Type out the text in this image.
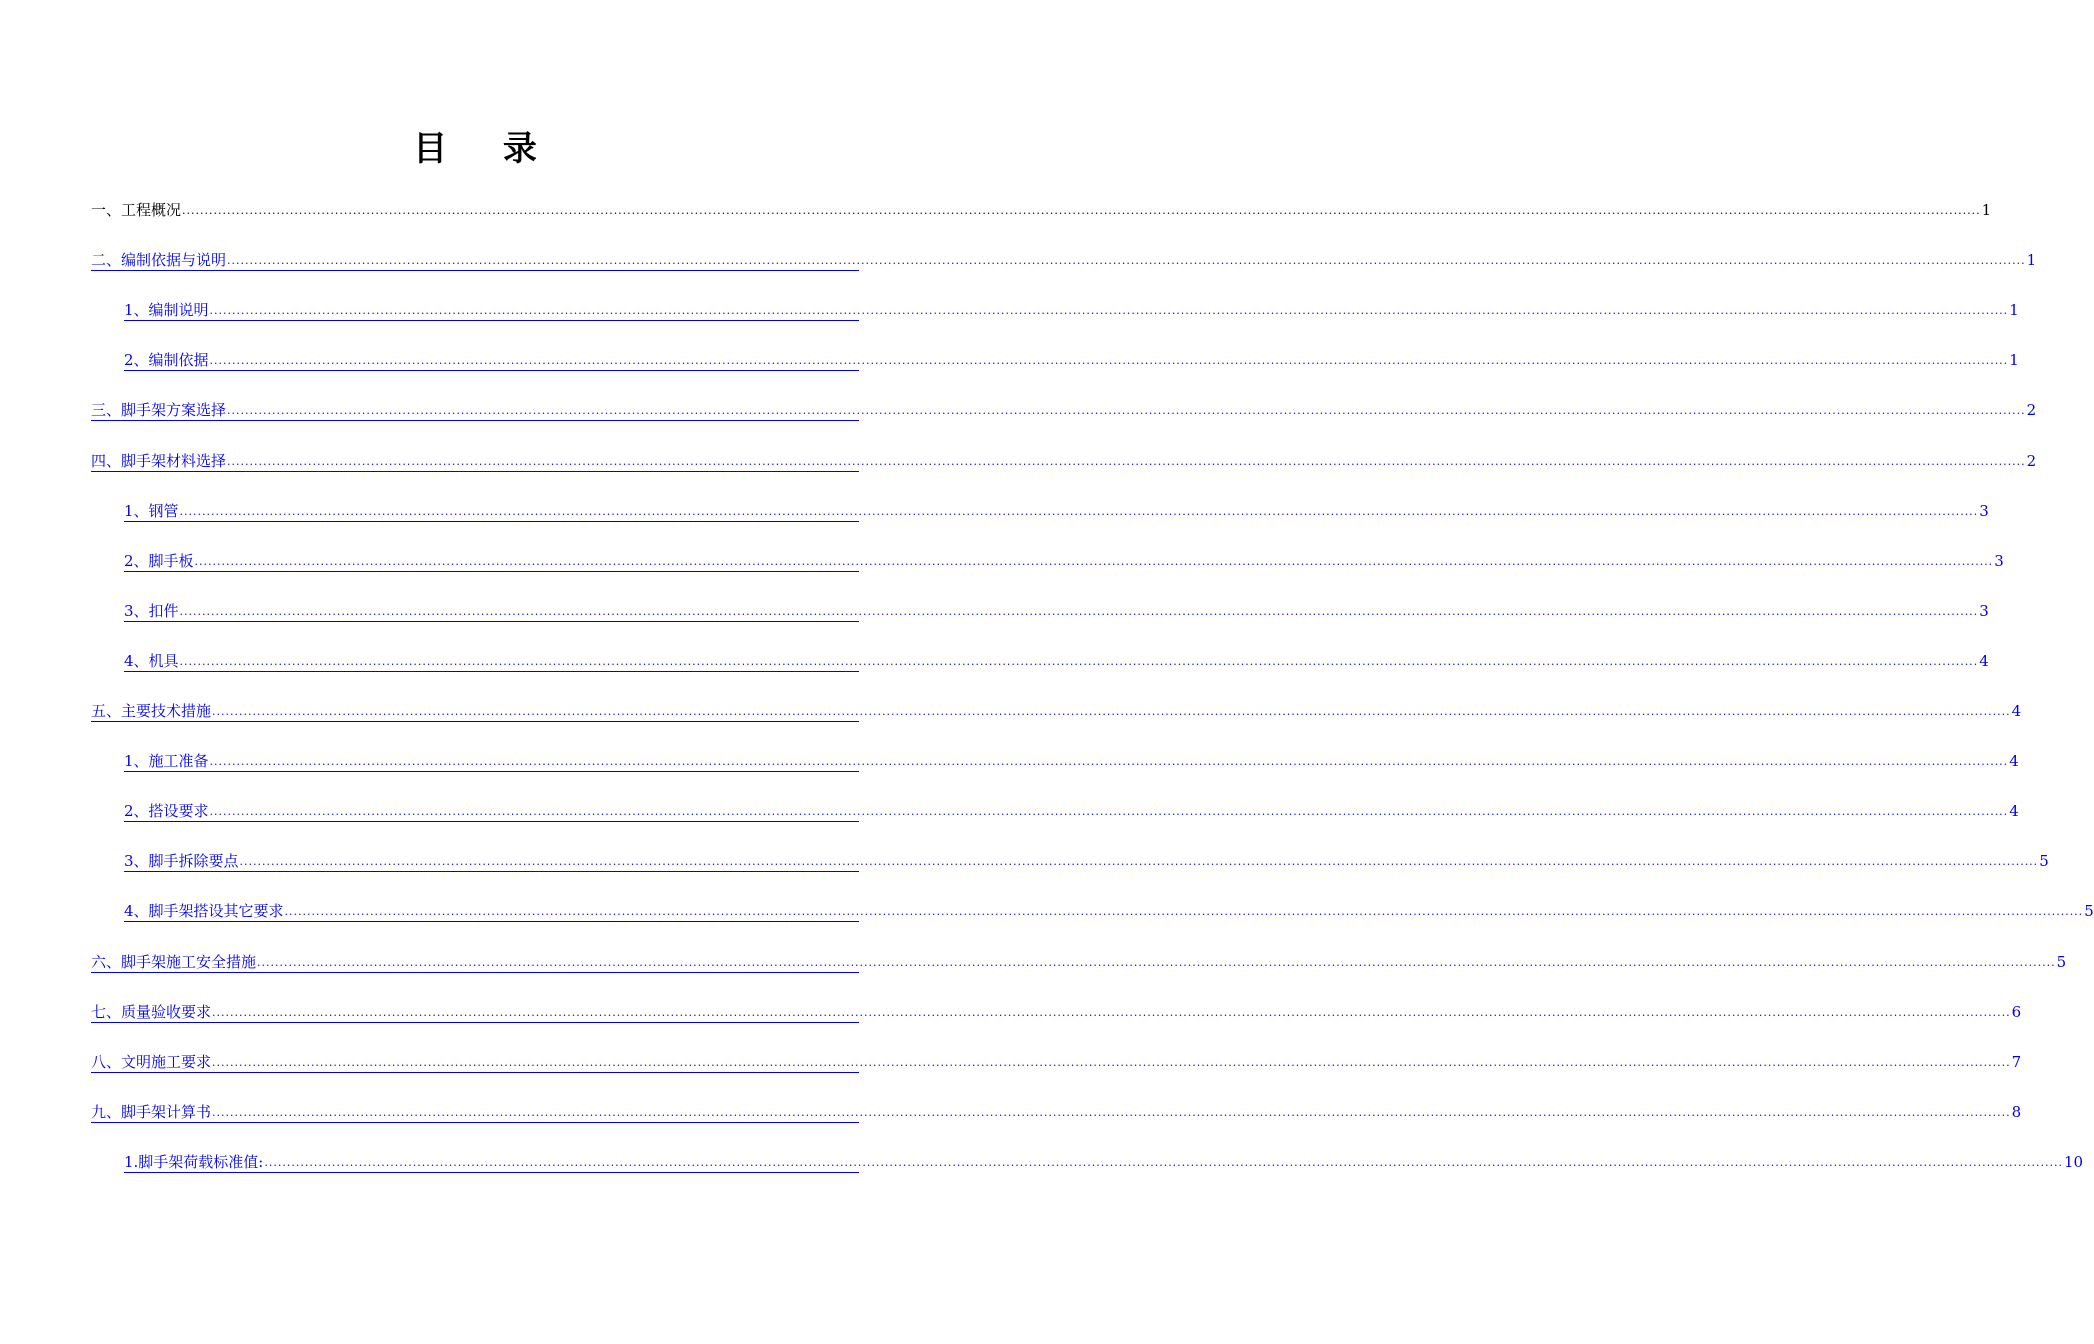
目 录
一、工程概况 ................................................................................................................................................................................................................................................................................................................................................................................................................ 1
二、编制依据与说明 ................................................................................................................................................................................................................................................................................................................................................................................................................ 1
1、编制说明 ................................................................................................................................................................................................................................................................................................................................................................................................................ 1
2、编制依据 ................................................................................................................................................................................................................................................................................................................................................................................................................ 1
三、脚手架方案选择 ................................................................................................................................................................................................................................................................................................................................................................................................................ 2
四、脚手架材料选择 ................................................................................................................................................................................................................................................................................................................................................................................................................ 2
1、钢管 ................................................................................................................................................................................................................................................................................................................................................................................................................ 3
2、脚手板 ................................................................................................................................................................................................................................................................................................................................................................................................................ 3
3、扣件 ................................................................................................................................................................................................................................................................................................................................................................................................................ 3
4、机具 ................................................................................................................................................................................................................................................................................................................................................................................................................ 4
五、主要技术措施 ................................................................................................................................................................................................................................................................................................................................................................................................................ 4
1、施工准备 ................................................................................................................................................................................................................................................................................................................................................................................................................ 4
2、搭设要求 ................................................................................................................................................................................................................................................................................................................................................................................................................ 4
3、脚手拆除要点 ................................................................................................................................................................................................................................................................................................................................................................................................................ 5
4、脚手架搭设其它要求 ................................................................................................................................................................................................................................................................................................................................................................................................................ 5
六、脚手架施工安全措施 ................................................................................................................................................................................................................................................................................................................................................................................................................ 5
七、质量验收要求 ................................................................................................................................................................................................................................................................................................................................................................................................................ 6
八、文明施工要求 ................................................................................................................................................................................................................................................................................................................................................................................................................ 7
九、脚手架计算书 ................................................................................................................................................................................................................................................................................................................................................................................................................ 8
1.脚手架荷载标准值: ................................................................................................................................................................................................................................................................................................................................................................................................................ 10
